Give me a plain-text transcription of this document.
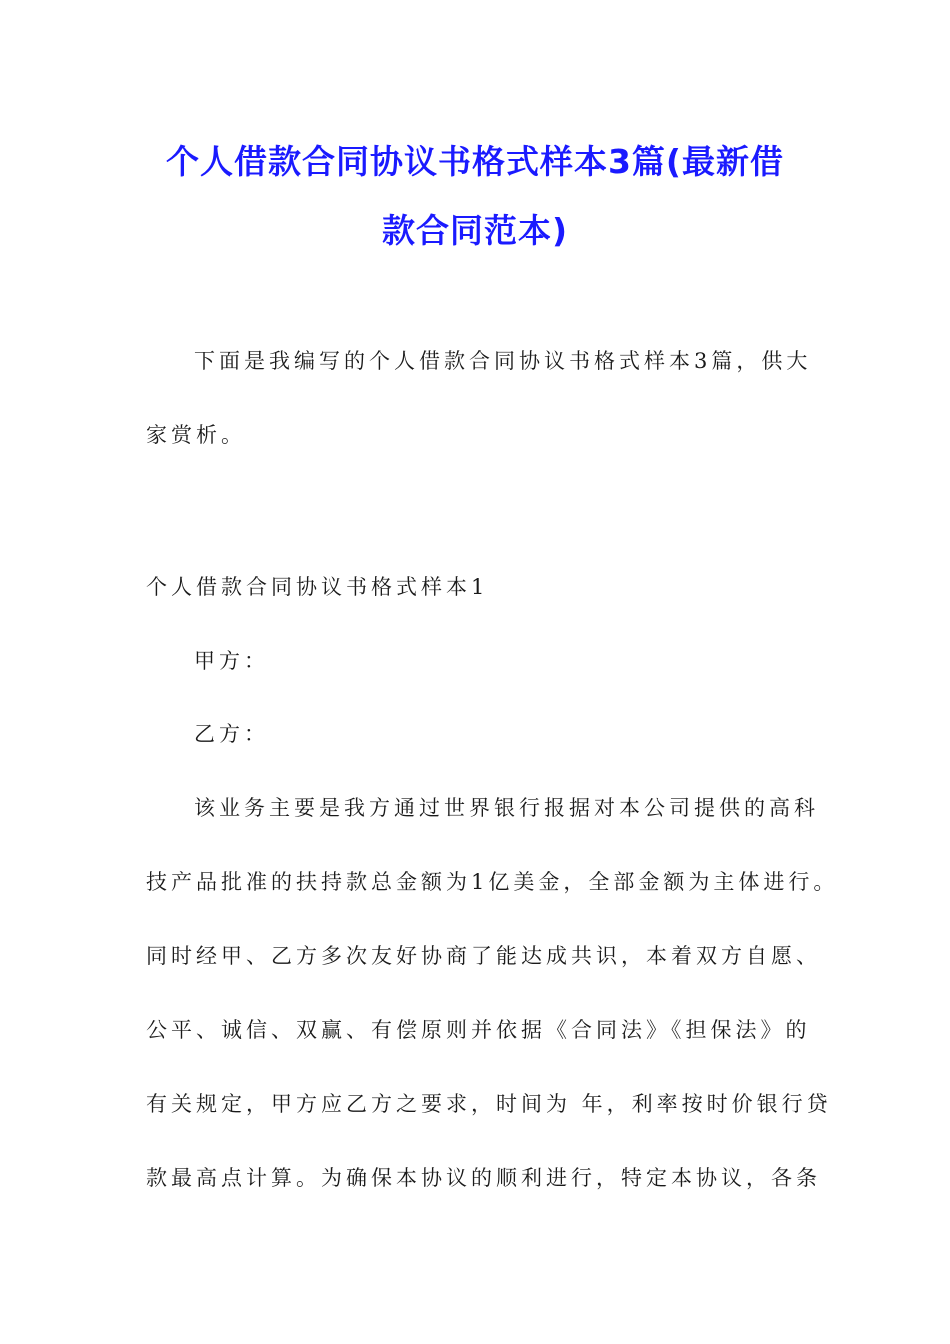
个人借款合同协议书格式样本3篇(最新借
款合同范本)
下面是我编写的个人借款合同协议书格式样本3篇，供大
家赏析。
个人借款合同协议书格式样本1
甲方：
乙方：
该业务主要是我方通过世界银行报据对本公司提供的高科
技产品批准的扶持款总金额为1亿美金，全部金额为主体进行。
同时经甲、乙方多次友好协商了能达成共识，本着双方自愿、
公平、诚信、双赢、有偿原则并依据《合同法》《担保法》的
有关规定，甲方应乙方之要求，时间为 年，利率按时价银行贷
款最高点计算。为确保本协议的顺利进行，特定本协议，各条
